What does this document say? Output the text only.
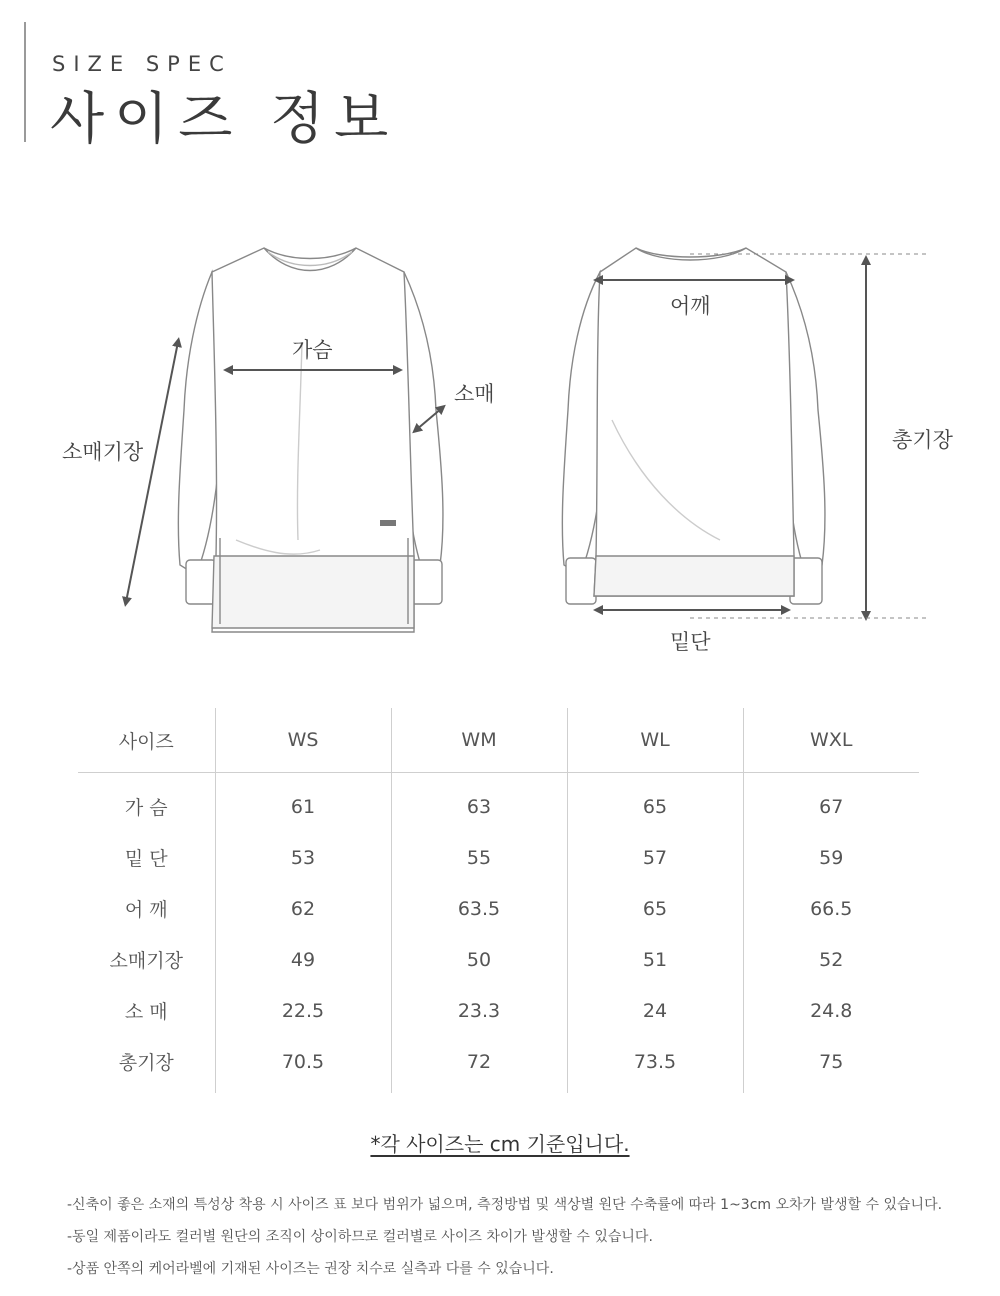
SIZE SPEC
사이즈 정보
가슴
소매
소매기장
어깨
밑단
총기장
사이즈	WS	WM	WL	WXL
가 슴	61	63	65	67
밑 단	53	55	57	59
어 깨	62	63.5	65	66.5
소매기장	49	50	51	52
소 매	22.5	23.3	24	24.8
총기장	70.5	72	73.5	75
*각 사이즈는 cm 기준입니다.
-신축이 좋은 소재의 특성상 착용 시 사이즈 표 보다 범위가 넓으며, 측정방법 및 색상별 원단 수축률에 따라 1~3cm 오차가 발생할 수 있습니다.
-동일 제품이라도 컬러별 원단의 조직이 상이하므로 컬러별로 사이즈 차이가 발생할 수 있습니다.
-상품 안쪽의 케어라벨에 기재된 사이즈는 권장 치수로 실측과 다를 수 있습니다.
